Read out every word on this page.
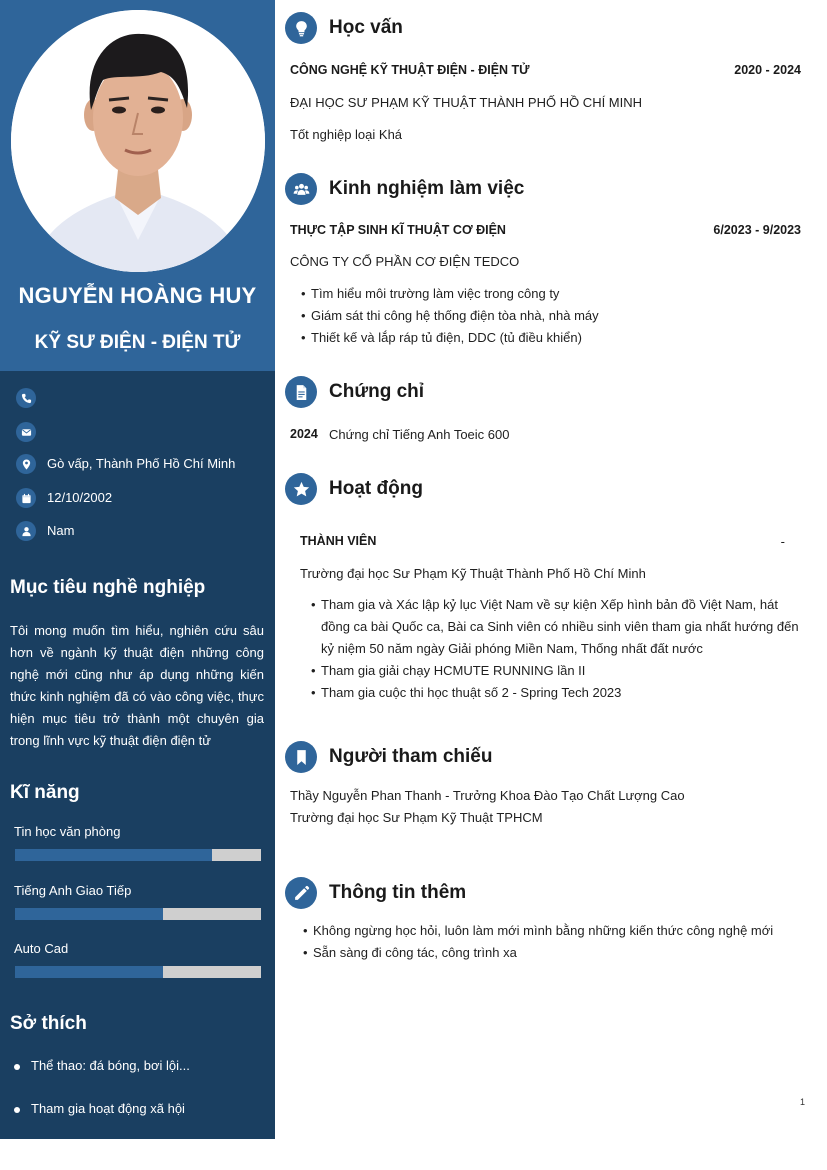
NGUYỄN HOÀNG HUY
KỸ SƯ ĐIỆN - ĐIỆN TỬ
Gò vấp, Thành Phố Hồ Chí Minh
12/10/2002
Nam
Mục tiêu nghề nghiệp
Tôi mong muốn tìm hiểu, nghiên cứu sâu hơn về ngành kỹ thuật điện những công nghệ mới cũng như áp dụng những kiến thức kinh nghiệm đã có vào công việc, thực hiện mục tiêu trở thành một chuyên gia trong lĩnh vực kỹ thuật điện điện tử
Kĩ năng
Tin học văn phòng
Tiếng Anh Giao Tiếp
Auto Cad
Sở thích
Thể thao: đá bóng, bơi lội...
Tham gia hoạt động xã hội
Học vấn
CÔNG NGHỆ KỸ THUẬT ĐIỆN - ĐIỆN TỬ	2020 - 2024
ĐẠI HỌC SƯ PHẠM KỸ THUẬT THÀNH PHỐ HỒ CHÍ MINH
Tốt nghiệp loại Khá
Kinh nghiệm làm việc
THỰC TẬP SINH KĨ THUẬT CƠ ĐIỆN	6/2023 - 9/2023
CÔNG TY CỔ PHẦN CƠ ĐIỆN TEDCO
• Tìm hiểu môi trường làm việc trong công ty
• Giám sát thi công hệ thống điện tòa nhà, nhà máy
• Thiết kế và lắp ráp tủ điện, DDC (tủ điều khiển)
Chứng chỉ
2024 Chứng chỉ Tiếng Anh Toeic 600
Hoạt động
THÀNH VIÊN	-
Trường đại học Sư Phạm Kỹ Thuật Thành Phố Hồ Chí Minh
• Tham gia và Xác lập kỷ lục Việt Nam về sự kiện Xếp hình bản đồ Việt Nam, hát đồng ca bài Quốc ca, Bài ca Sinh viên có nhiều sinh viên tham gia nhất hướng đến kỷ niệm 50 năm ngày Giải phóng Miền Nam, Thống nhất đất nước
• Tham gia giải chạy HCMUTE RUNNING lần II
• Tham gia cuộc thi học thuật số 2 - Spring Tech 2023
Người tham chiếu
Thầy Nguyễn Phan Thanh - Trưởng Khoa Đào Tạo Chất Lượng Cao
Trường đại học Sư Phạm Kỹ Thuật TPHCM
Thông tin thêm
• Không ngừng học hỏi, luôn làm mới mình bằng những kiến thức công nghệ mới
• Sẵn sàng đi công tác, công trình xa
1
